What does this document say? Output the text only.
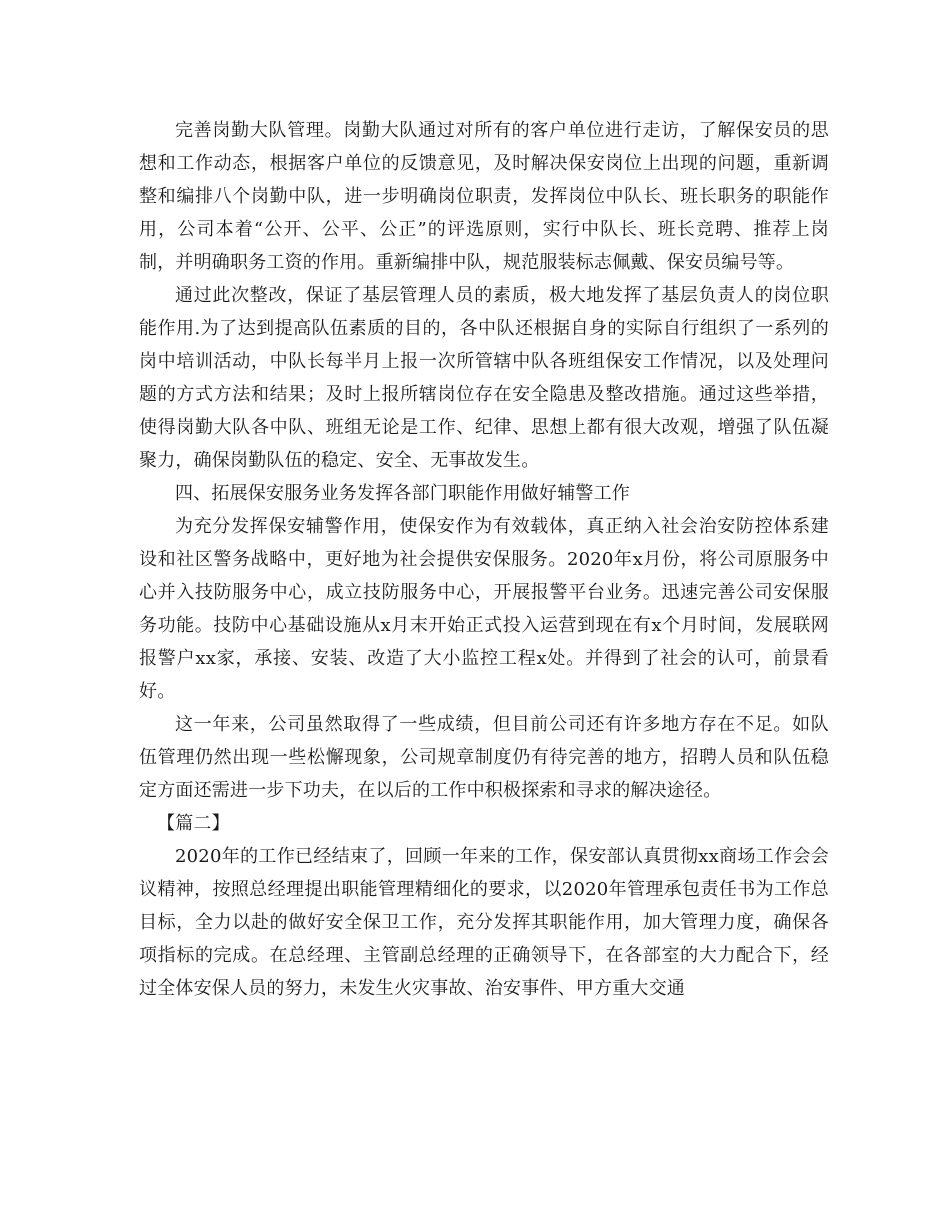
完善岗勤大队管理。岗勤大队通过对所有的客户单位进行走访，了解保安员的思想和工作动态，根据客户单位的反馈意见，及时解决保安岗位上出现的问题，重新调整和编排八个岗勤中队，进一步明确岗位职责，发挥岗位中队长、班长职务的职能作用，公司本着“公开、公平、公正”的评选原则，实行中队长、班长竞聘、推荐上岗制，并明确职务工资的作用。重新编排中队，规范服装标志佩戴、保安员编号等。

通过此次整改，保证了基层管理人员的素质，极大地发挥了基层负责人的岗位职能作用.为了达到提高队伍素质的目的，各中队还根据自身的实际自行组织了一系列的岗中培训活动，中队长每半月上报一次所管辖中队各班组保安工作情况，以及处理问题的方式方法和结果；及时上报所辖岗位存在安全隐患及整改措施。通过这些举措，使得岗勤大队各中队、班组无论是工作、纪律、思想上都有很大改观，增强了队伍凝聚力，确保岗勤队伍的稳定、安全、无事故发生。

四、拓展保安服务业务发挥各部门职能作用做好辅警工作

为充分发挥保安辅警作用，使保安作为有效载体，真正纳入社会治安防控体系建设和社区警务战略中，更好地为社会提供安保服务。2020年x月份，将公司原服务中心并入技防服务中心，成立技防服务中心，开展报警平台业务。迅速完善公司安保服务功能。技防中心基础设施从x月末开始正式投入运营到现在有x个月时间，发展联网报警户xx家，承接、安装、改造了大小监控工程x处。并得到了社会的认可，前景看好。

这一年来，公司虽然取得了一些成绩，但目前公司还有许多地方存在不足。如队伍管理仍然出现一些松懈现象，公司规章制度仍有待完善的地方，招聘人员和队伍稳定方面还需进一步下功夫，在以后的工作中积极探索和寻求的解决途径。

【篇二】

2020年的工作已经结束了，回顾一年来的工作，保安部认真贯彻xx商场工作会会议精神，按照总经理提出职能管理精细化的要求，以2020年管理承包责任书为工作总目标，全力以赴的做好安全保卫工作，充分发挥其职能作用，加大管理力度，确保各项指标的完成。在总经理、主管副总经理的正确领导下，在各部室的大力配合下，经过全体安保人员的努力，未发生火灾事故、治安事件、甲方重大交通
